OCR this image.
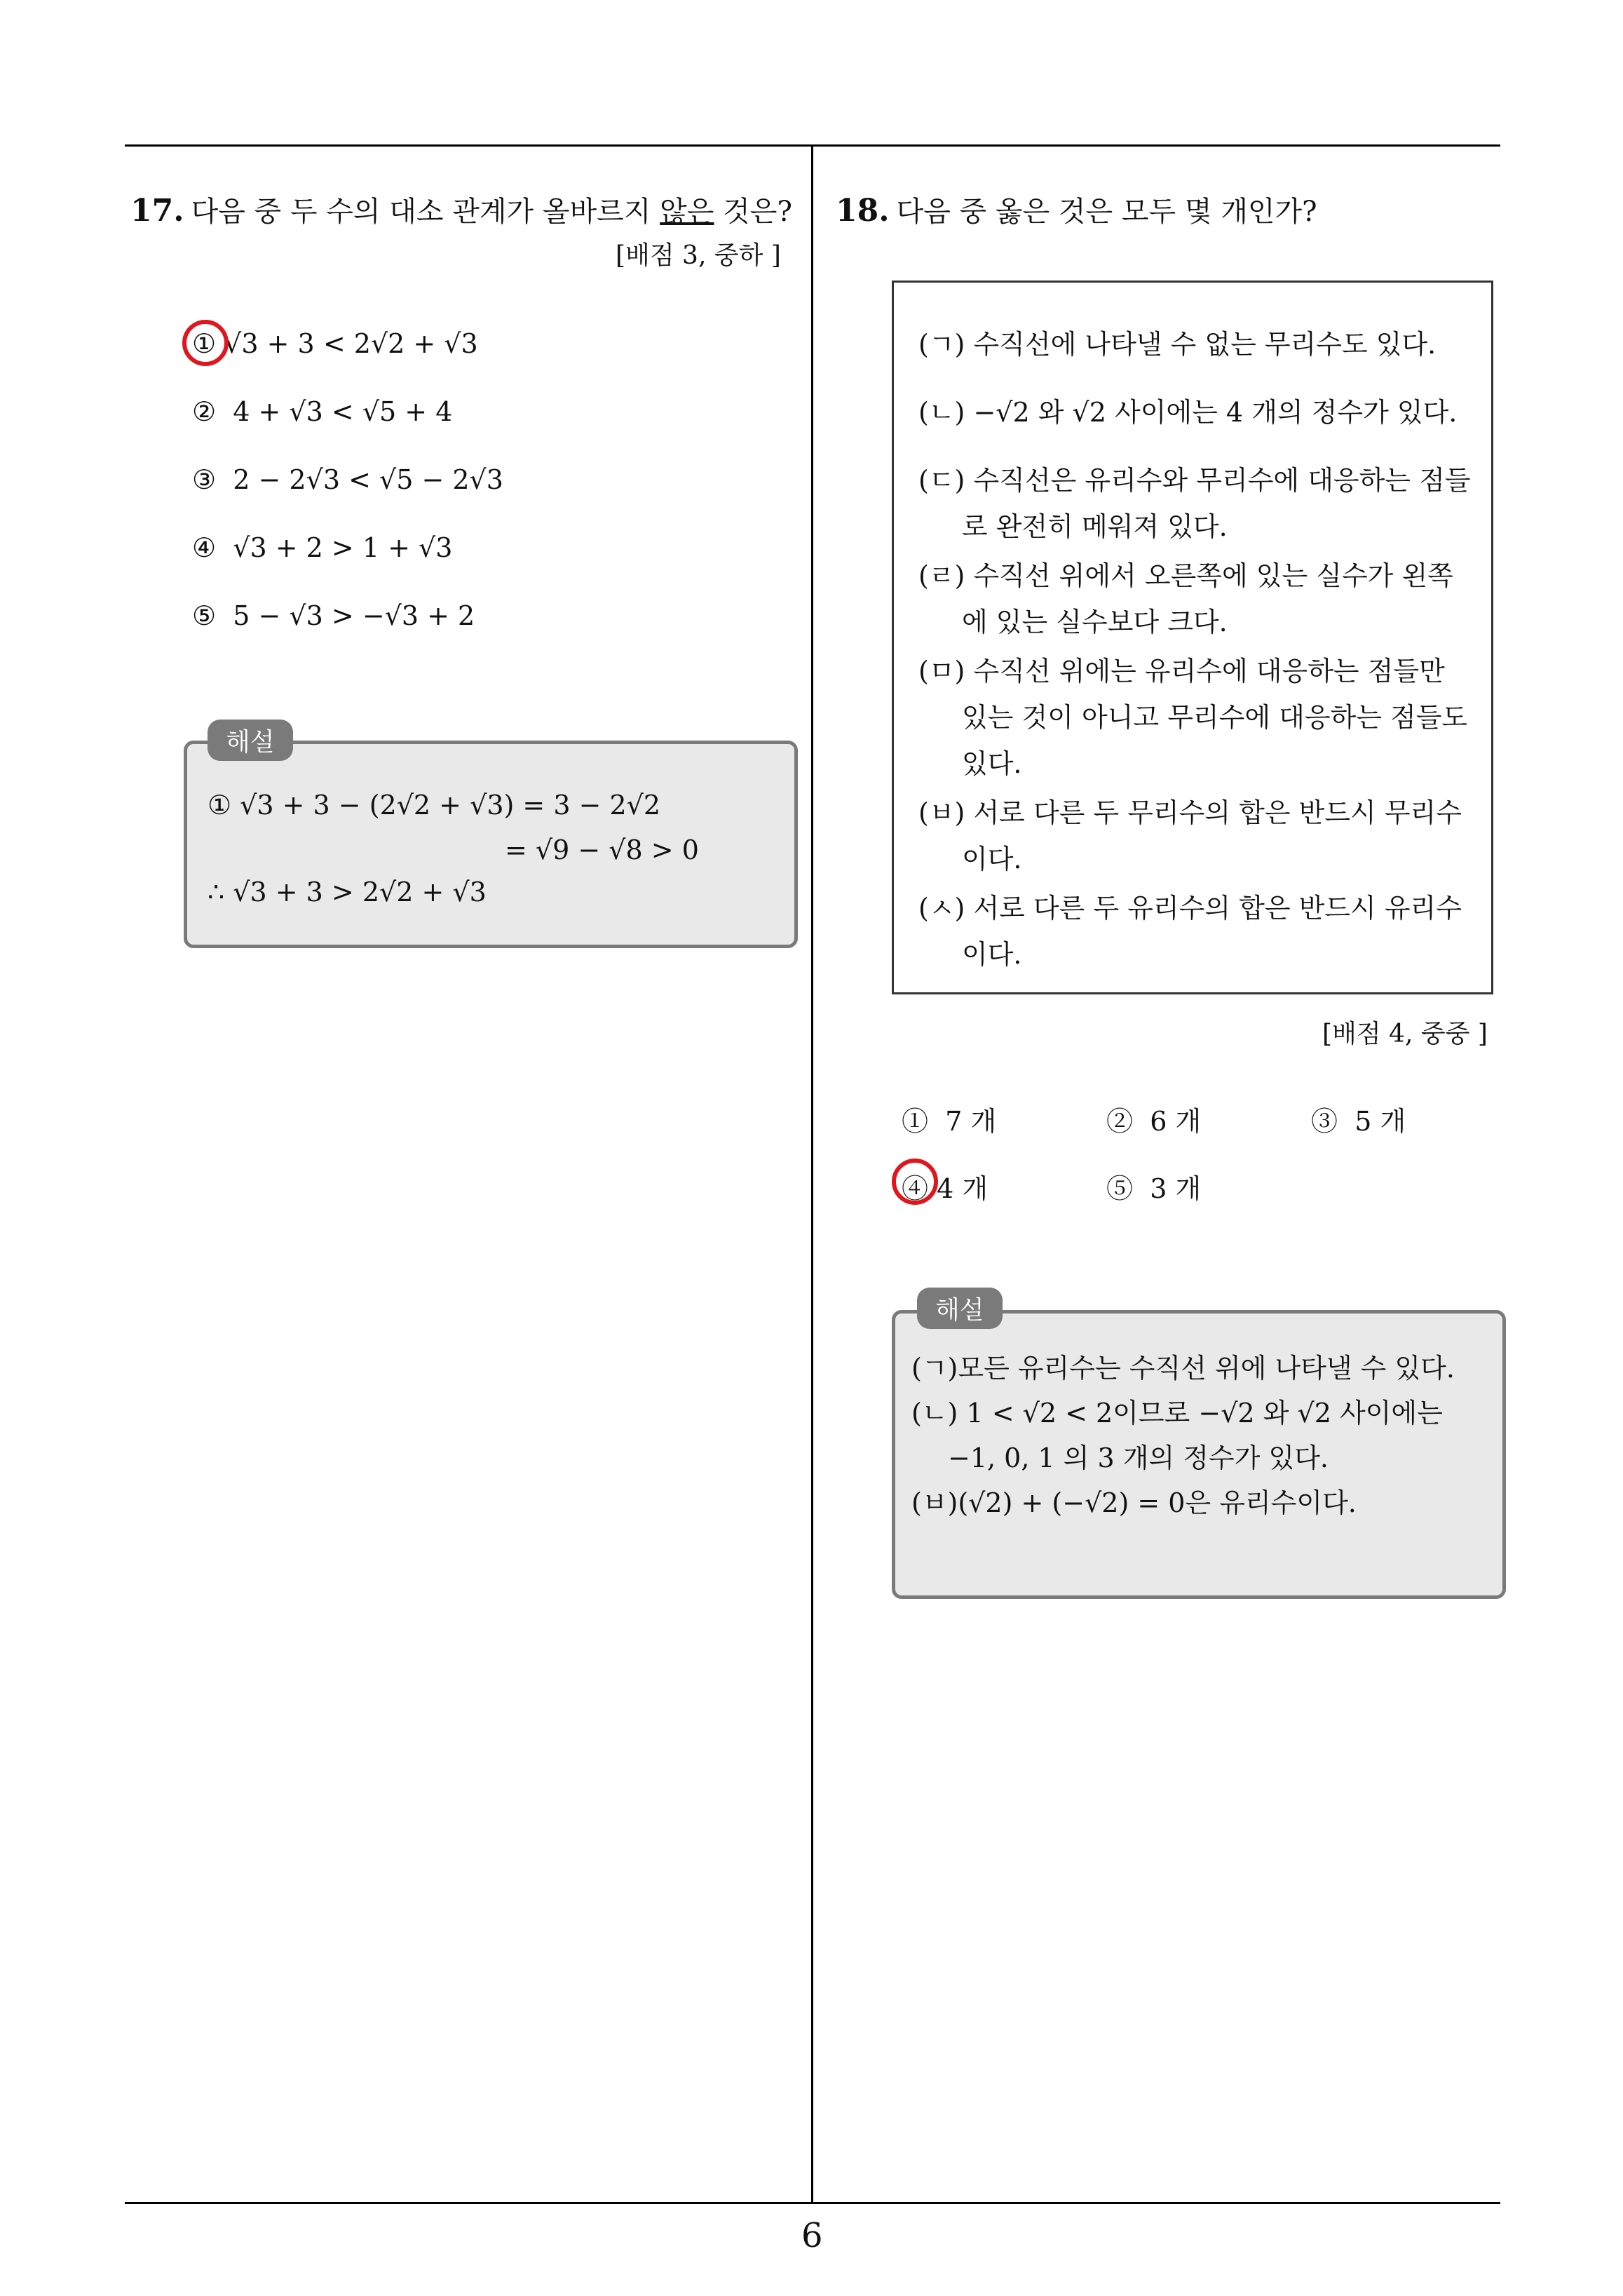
17. 다음 중 두 수의 대소 관계가 올바르지 않은 것은?
[배점 3, 중하 ]
① √3 + 3 < 2√2 + √3
② 4 + √3 < √5 + 4
③ 2 − 2√3 < √5 − 2√3
④ √3 + 2 > 1 + √3
⑤ 5 − √3 > −√3 + 2
해설
① √3 + 3 − (2√2 + √3) = 3 − 2√2
= √9 − √8 > 0
∴ √3 + 3 > 2√2 + √3
18. 다음 중 옳은 것은 모두 몇 개인가?
(ㄱ) 수직선에 나타낼 수 없는 무리수도 있다.
(ㄴ) −√2 와 √2 사이에는 4 개의 정수가 있다.
(ㄷ) 수직선은 유리수와 무리수에 대응하는 점들로 완전히 메워져 있다.
(ㄹ) 수직선 위에서 오른쪽에 있는 실수가 왼쪽에 있는 실수보다 크다.
(ㅁ) 수직선 위에는 유리수에 대응하는 점들만 있는 것이 아니고 무리수에 대응하는 점들도 있다.
(ㅂ) 서로 다른 두 무리수의 합은 반드시 무리수이다.
(ㅅ) 서로 다른 두 유리수의 합은 반드시 유리수이다.
[배점 4, 중중 ]
① 7 개	② 6 개	③ 5 개
④ 4 개	⑤ 3 개
해설
(ㄱ)모든 유리수는 수직선 위에 나타낼 수 있다.
(ㄴ) 1 < √2 < 2이므로 −√2 와 √2 사이에는
−1, 0, 1 의 3 개의 정수가 있다.
(ㅂ)(√2) + (−√2) = 0은 유리수이다.
6
